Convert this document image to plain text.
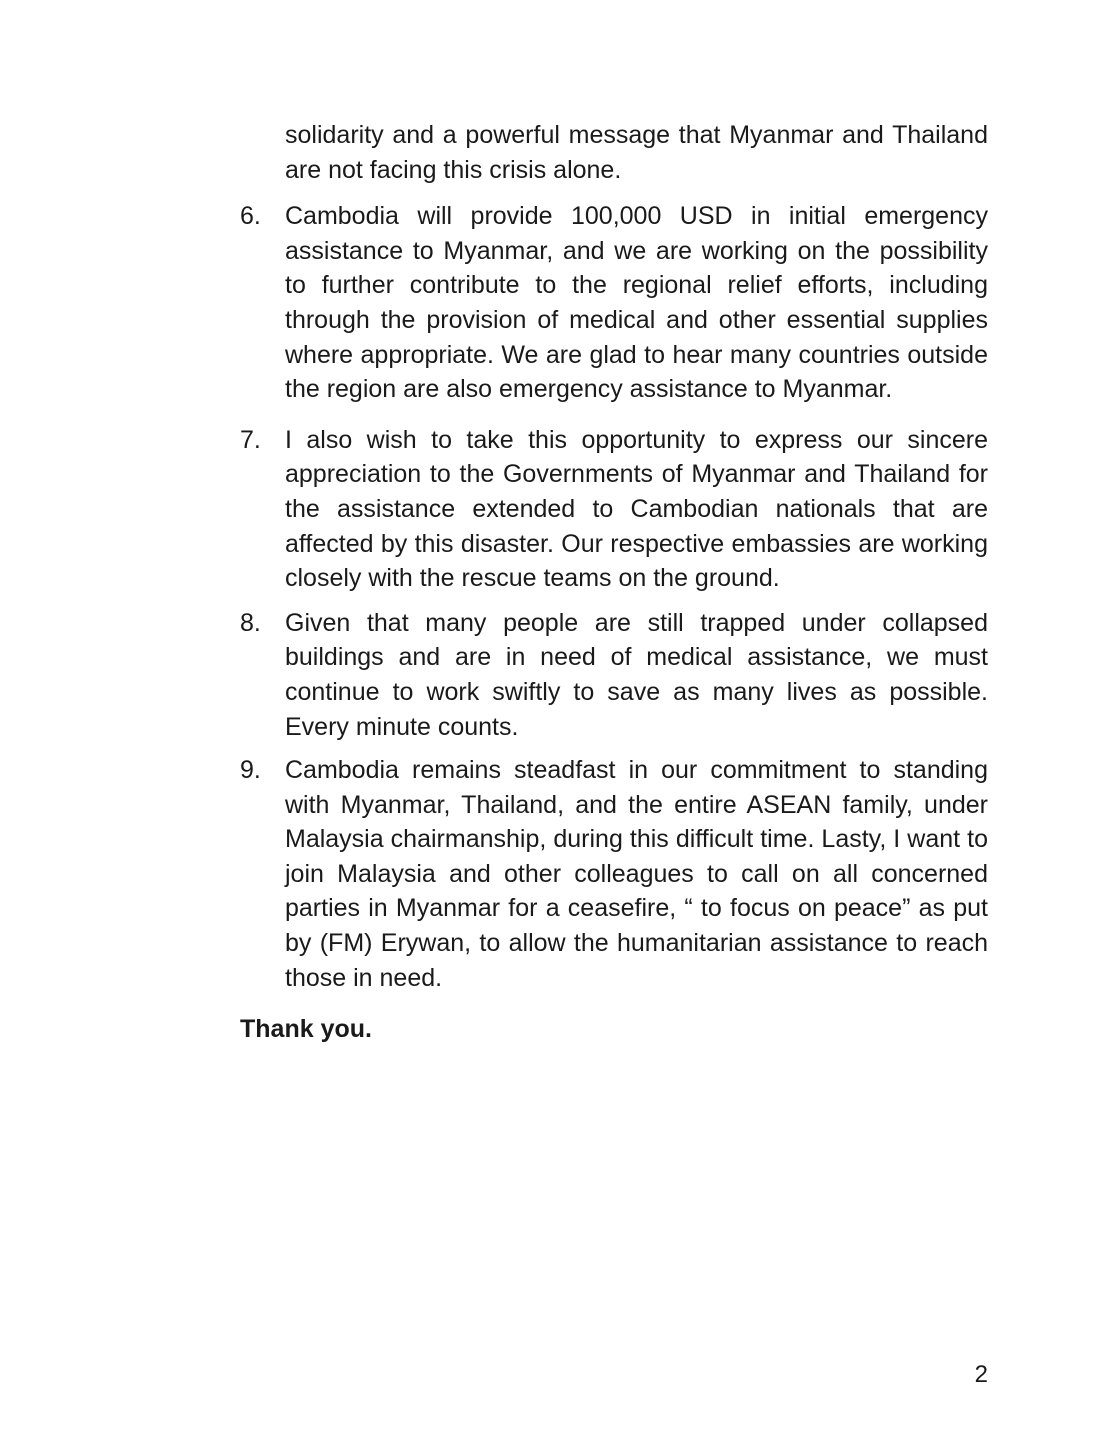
solidarity and a powerful message that Myanmar and Thailand are not facing this crisis alone.

6. Cambodia will provide 100,000 USD in initial emergency assistance to Myanmar, and we are working on the possibility to further contribute to the regional relief efforts, including through the provision of medical and other essential supplies where appropriate. We are glad to hear many countries outside the region are also emergency assistance to Myanmar.
7. I also wish to take this opportunity to express our sincere appreciation to the Governments of Myanmar and Thailand for the assistance extended to Cambodian nationals that are affected by this disaster. Our respective embassies are working closely with the rescue teams on the ground.
8. Given that many people are still trapped under collapsed buildings and are in need of medical assistance, we must continue to work swiftly to save as many lives as possible. Every minute counts.
9. Cambodia remains steadfast in our commitment to standing with Myanmar, Thailand, and the entire ASEAN family, under Malaysia chairmanship, during this difficult time. Lasty, I want to join Malaysia and other colleagues to call on all concerned parties in Myanmar for a ceasefire, “ to focus on peace” as put by (FM) Erywan, to allow the humanitarian assistance to reach those in need.

Thank you.

2
